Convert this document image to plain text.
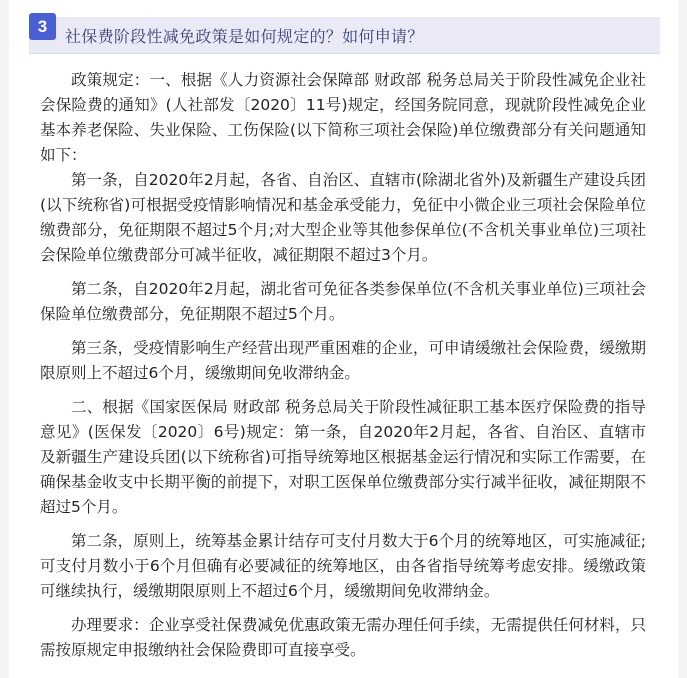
3
社保费阶段性减免政策是如何规定的？如何申请？

政策规定：一、根据《人力资源社会保障部 财政部 税务总局关于阶段性减免企业社会保险费的通知》(人社部发〔2020〕11号)规定，经国务院同意，现就阶段性减免企业基本养老保险、失业保险、工伤保险(以下简称三项社会保险)单位缴费部分有关问题通知如下：

第一条，自2020年2月起，各省、自治区、直辖市(除湖北省外)及新疆生产建设兵团(以下统称省)可根据受疫情影响情况和基金承受能力，免征中小微企业三项社会保险单位缴费部分，免征期限不超过5个月;对大型企业等其他参保单位(不含机关事业单位)三项社会保险单位缴费部分可减半征收，减征期限不超过3个月。

第二条，自2020年2月起，湖北省可免征各类参保单位(不含机关事业单位)三项社会保险单位缴费部分，免征期限不超过5个月。

第三条，受疫情影响生产经营出现严重困难的企业，可申请缓缴社会保险费，缓缴期限原则上不超过6个月，缓缴期间免收滞纳金。

二、根据《国家医保局 财政部 税务总局关于阶段性减征职工基本医疗保险费的指导意见》(医保发〔2020〕6号)规定：第一条，自2020年2月起，各省、自治区、直辖市及新疆生产建设兵团(以下统称省)可指导统筹地区根据基金运行情况和实际工作需要，在确保基金收支中长期平衡的前提下，对职工医保单位缴费部分实行减半征收，减征期限不超过5个月。

第二条，原则上，统筹基金累计结存可支付月数大于6个月的统筹地区，可实施减征;可支付月数小于6个月但确有必要减征的统筹地区，由各省指导统筹考虑安排。缓缴政策可继续执行，缓缴期限原则上不超过6个月，缓缴期间免收滞纳金。

办理要求：企业享受社保费减免优惠政策无需办理任何手续，无需提供任何材料，只需按原规定申报缴纳社会保险费即可直接享受。
